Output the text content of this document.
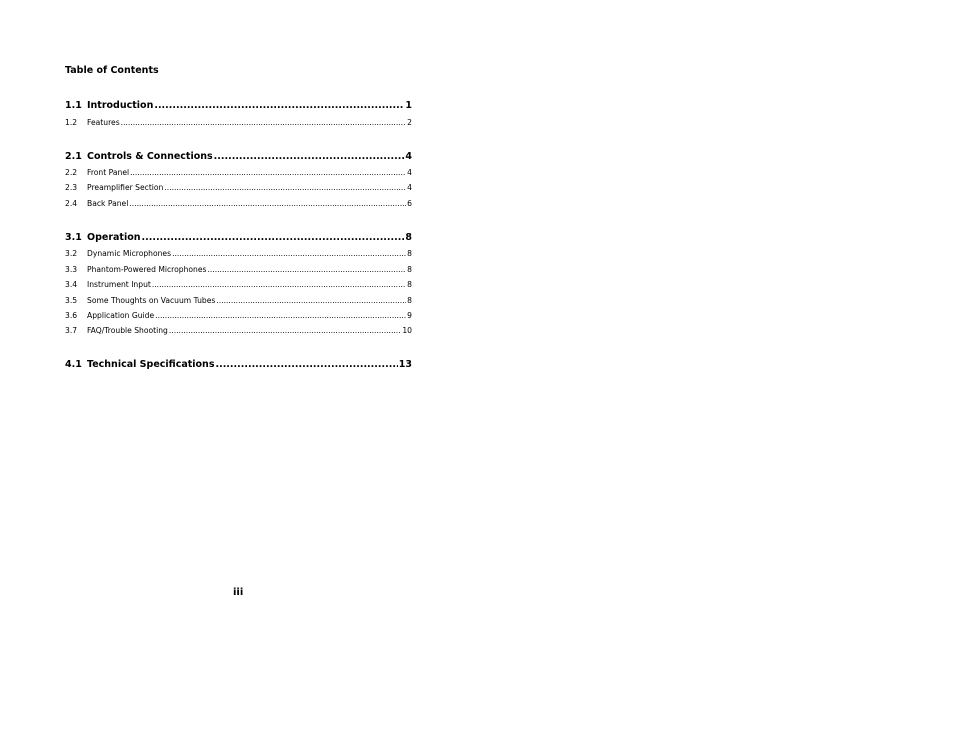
Table of Contents
1.1 Introduction .....	1
1.2	Features .....	2
2.1 Controls & Connections .....	4
2.2	Front Panel .....	4
2.3	Preamplifier Section .....	4
2.4	Back Panel .....	6
3.1 Operation .....	8
3.2	Dynamic Microphones .....	8
3.3	Phantom-Powered Microphones .....	8
3.4	Instrument Input .....	8
3.5	Some Thoughts on Vacuum Tubes .....	8
3.6	Application Guide .....	9
3.7	FAQ/Trouble Shooting .....	10
4.1 Technical Specifications .....	13
iii
